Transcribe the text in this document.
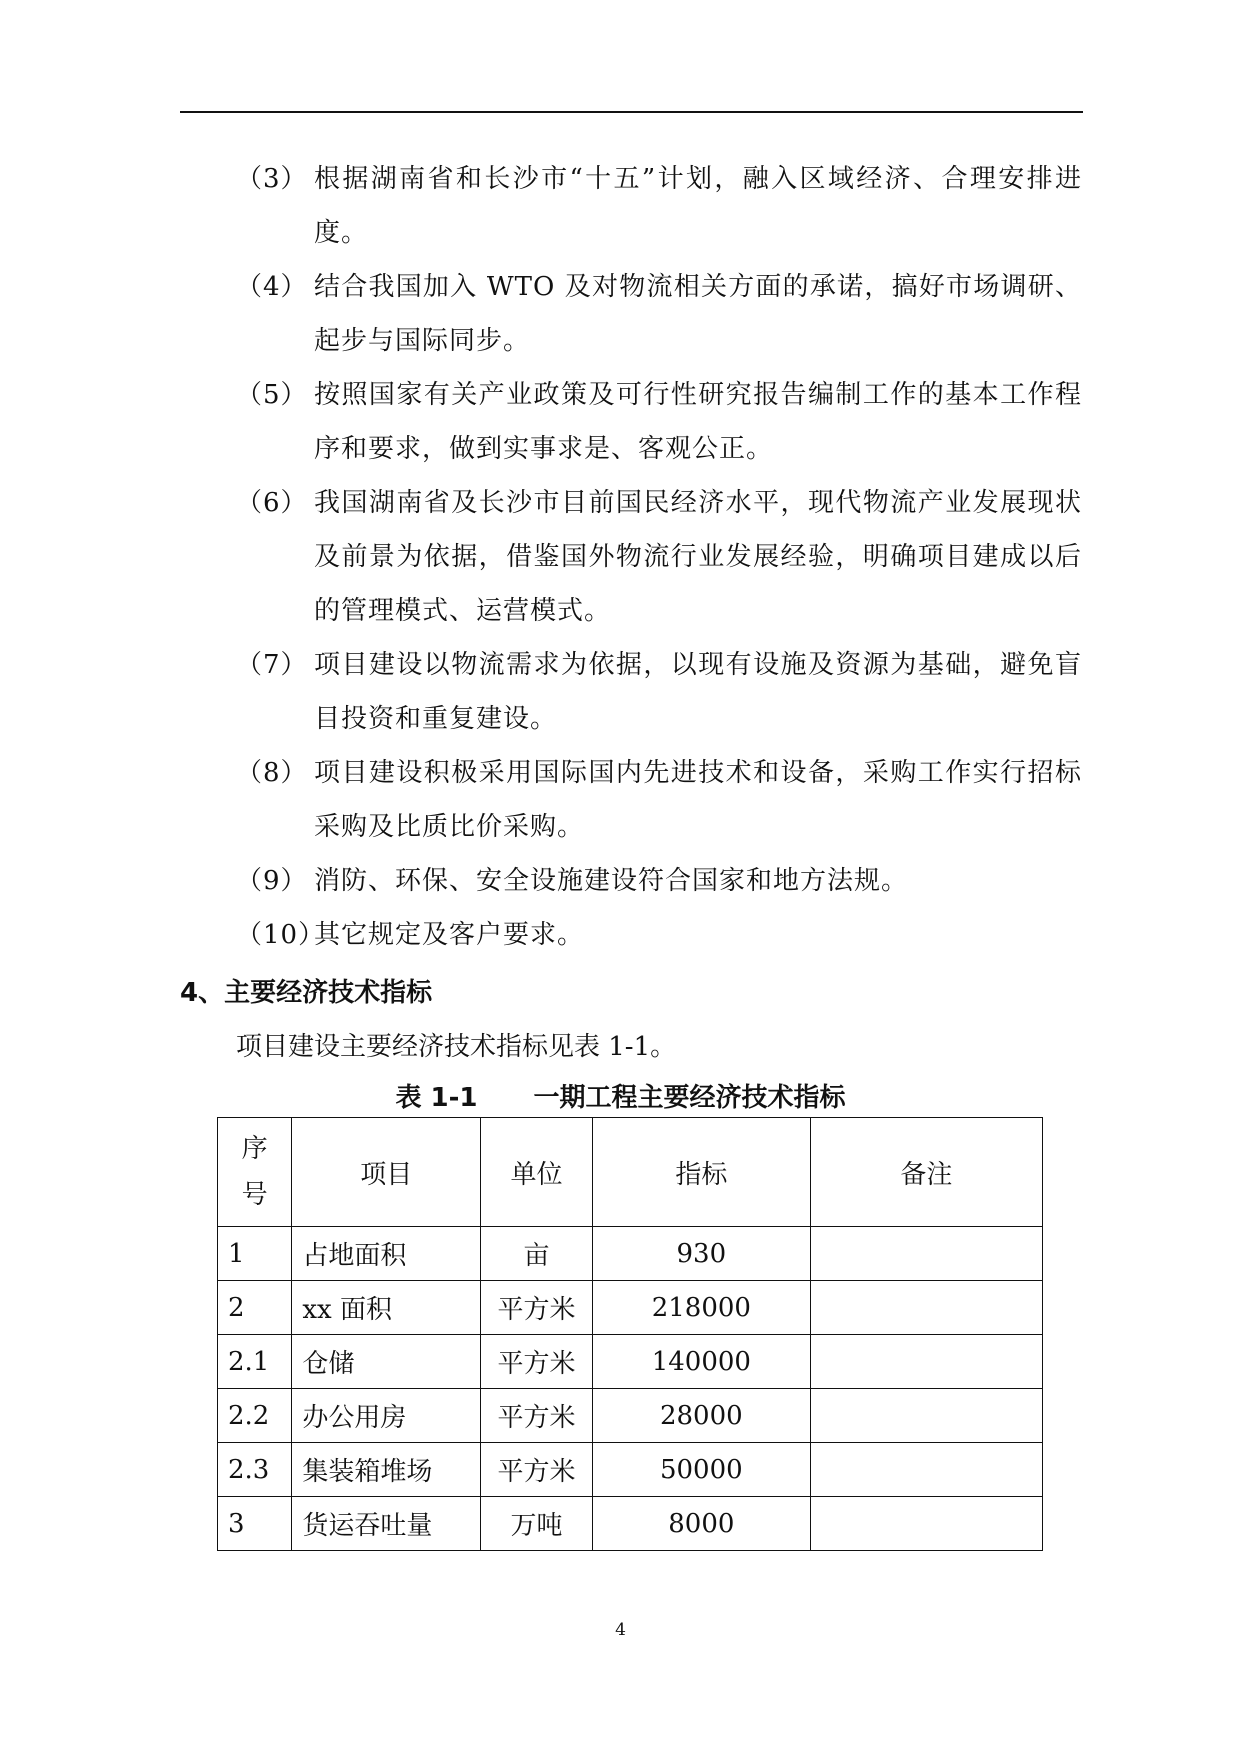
（3） 根据湖南省和长沙市“十五”计划，融入区域经济、合理安排进度。
（4） 结合我国加入 WTO 及对物流相关方面的承诺，搞好市场调研、起步与国际同步。
（5） 按照国家有关产业政策及可行性研究报告编制工作的基本工作程序和要求，做到实事求是、客观公正。
（6） 我国湖南省及长沙市目前国民经济水平，现代物流产业发展现状及前景为依据，借鉴国外物流行业发展经验，明确项目建成以后的管理模式、运营模式。
（7） 项目建设以物流需求为依据，以现有设施及资源为基础，避免盲目投资和重复建设。
（8） 项目建设积极采用国际国内先进技术和设备，采购工作实行招标采购及比质比价采购。
（9） 消防、环保、安全设施建设符合国家和地方法规。
（10）
其它规定及客户要求。
4、主要经济技术指标
项目建设主要经济技术指标见表 1-1。
表 1-1 一期工程主要经济技术指标
序
号	项目	单位	指标	备注
1	占地面积	亩	930	
2	xx 面积	平方米	218000	
2.1	仓储	平方米	140000	
2.2	办公用房	平方米	28000	
2.3	集装箱堆场	平方米	50000	
3	货运吞吐量	万吨	8000	
4
